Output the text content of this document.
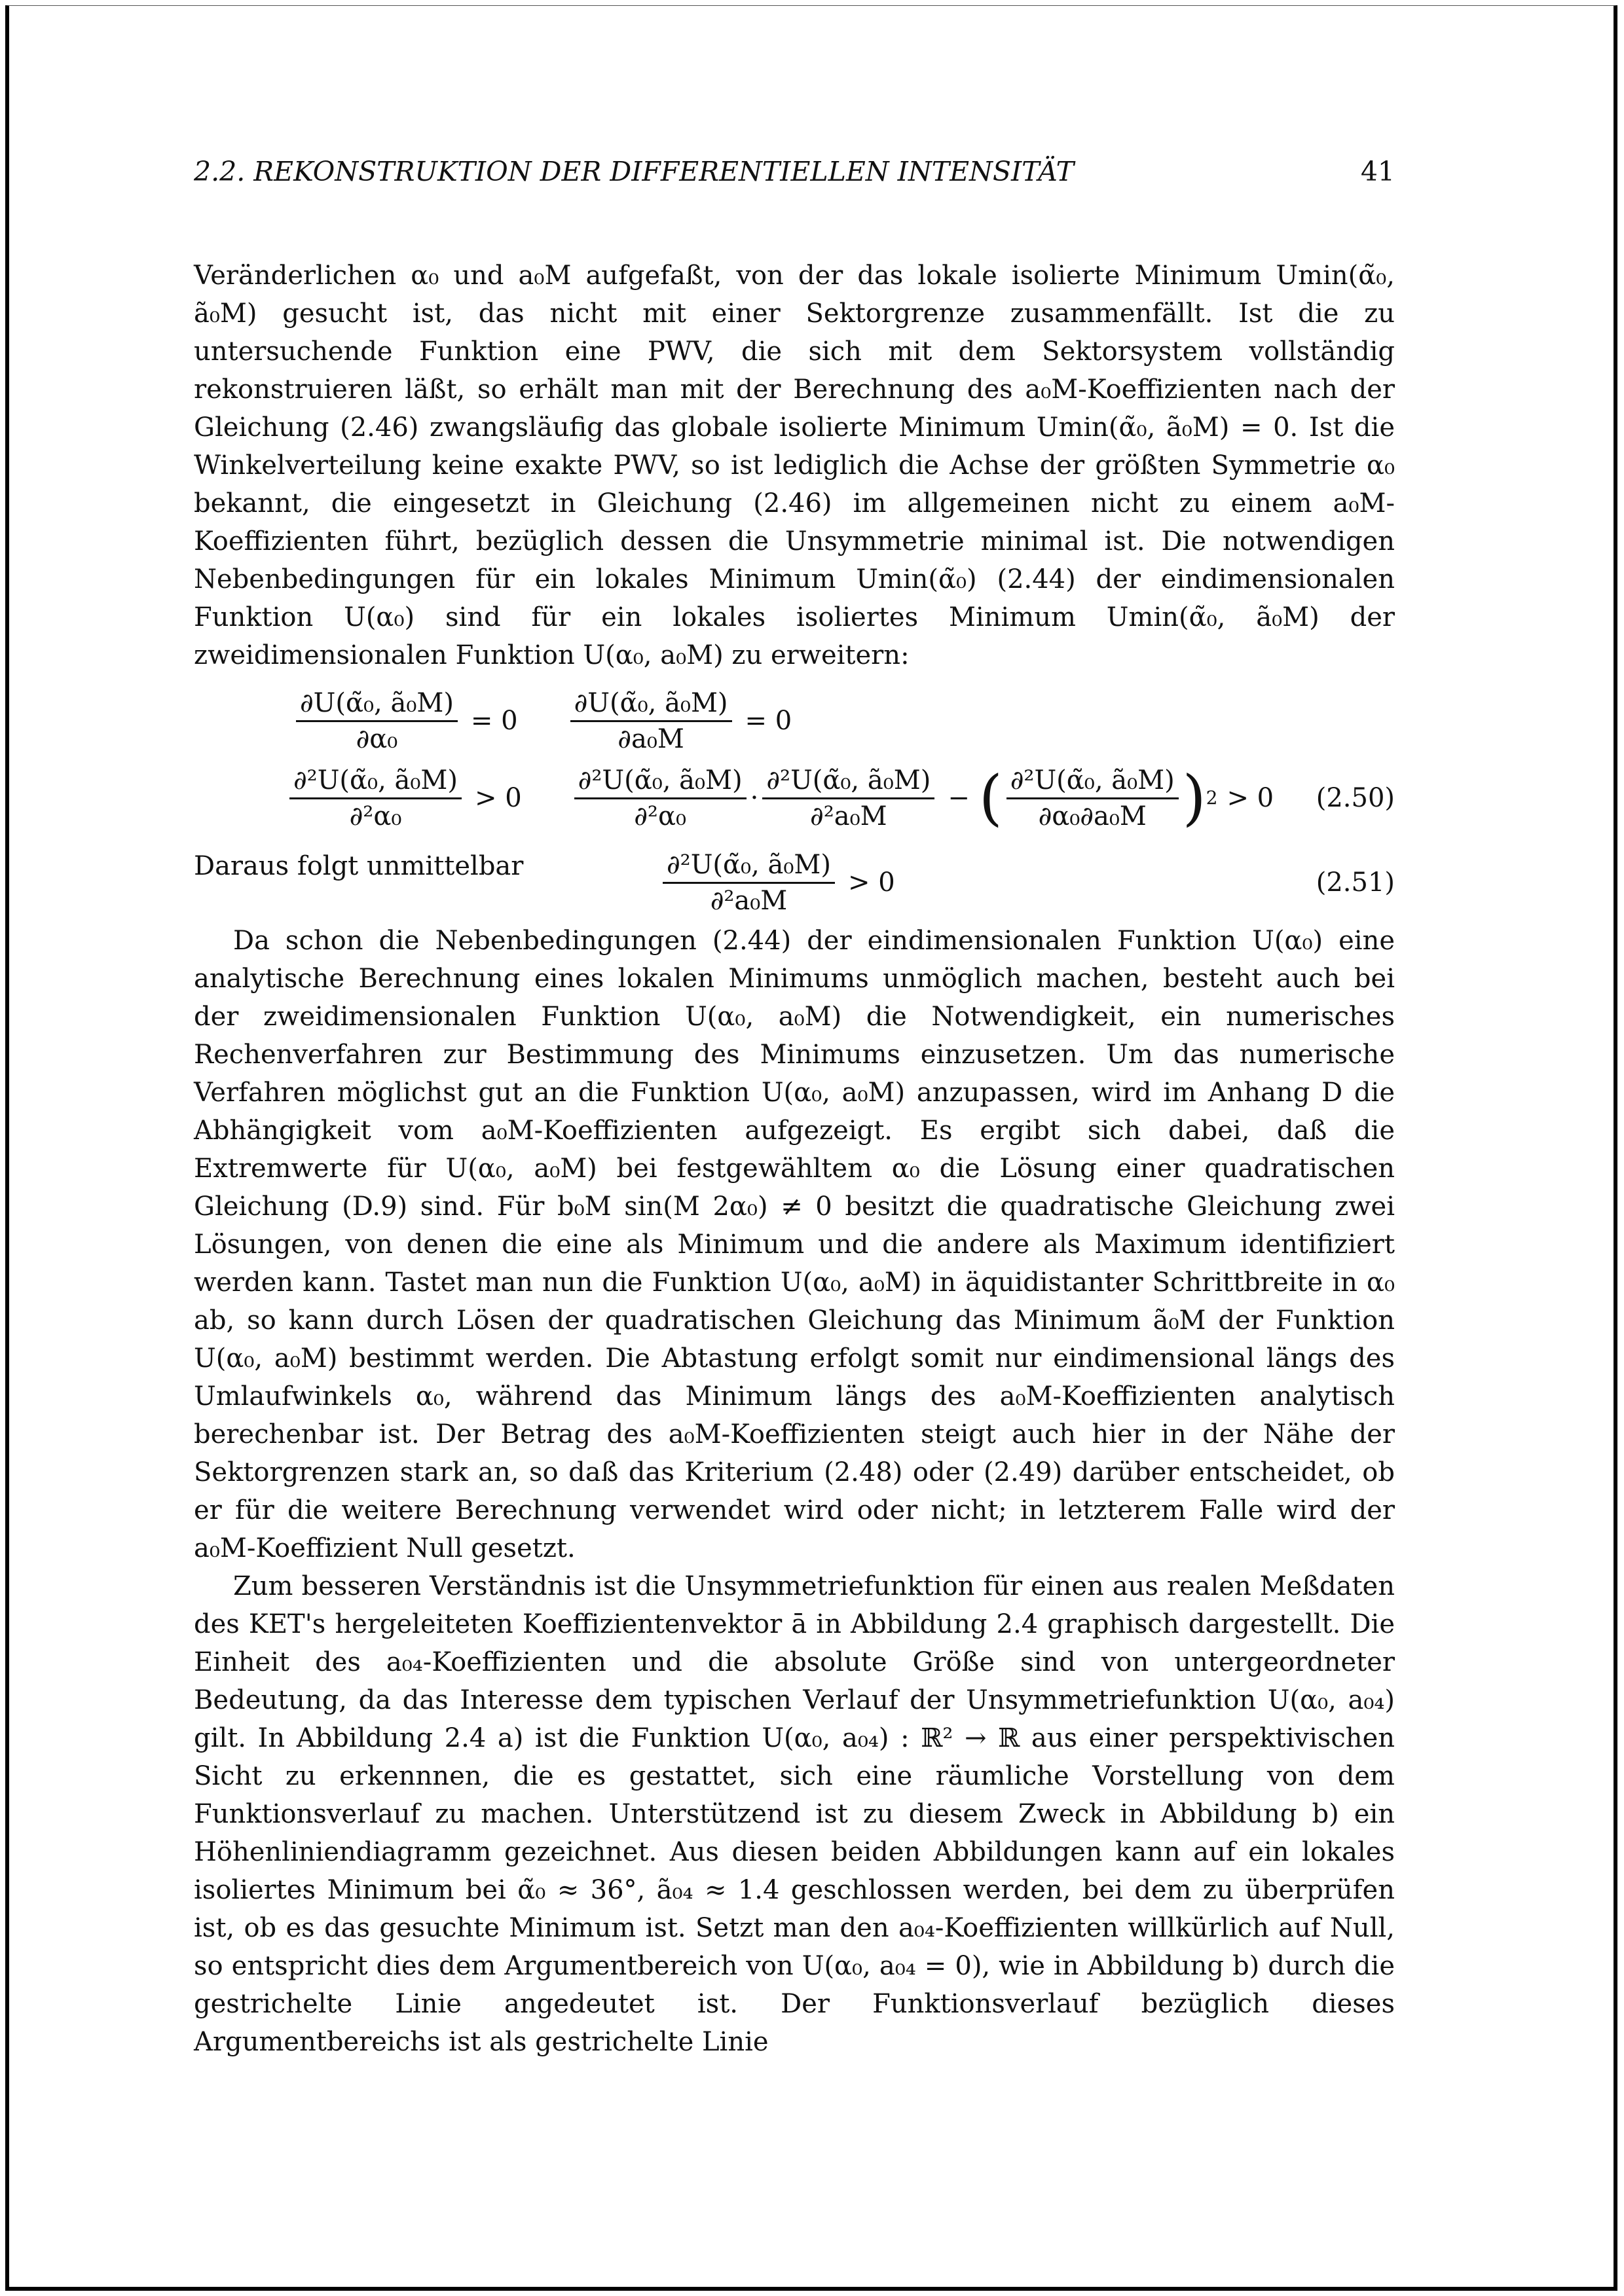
2.2. REKONSTRUKTION DER DIFFERENTIELLEN INTENSITÄT	41

Veränderlichen α₀ und a₀M aufgefaßt, von der das lokale isolierte Minimum Umin(α̃₀, ã₀M) gesucht ist, das nicht mit einer Sektorgrenze zusammenfällt. Ist die zu untersuchende Funktion eine PWV, die sich mit dem Sektorsystem vollständig rekonstruieren läßt, so erhält man mit der Berechnung des a₀M-Koeffizienten nach der Gleichung (2.46) zwangsläufig das globale isolierte Minimum Umin(α̃₀, ã₀M) = 0. Ist die Winkelverteilung keine exakte PWV, so ist lediglich die Achse der größten Symmetrie α₀ bekannt, die eingesetzt in Gleichung (2.46) im allgemeinen nicht zu einem a₀M-Koeffizienten führt, bezüglich dessen die Unsymmetrie minimal ist. Die notwendigen Nebenbedingungen für ein lokales Minimum Umin(α̃₀) (2.44) der eindimensionalen Funktion U(α₀) sind für ein lokales isoliertes Minimum Umin(α̃₀, ã₀M) der zweidimensionalen Funktion U(α₀, a₀M) zu erweitern:

$\frac{\text{∂U(α̃₀, ã₀M)}}{\text{∂α₀}} = 0 \frac{\text{∂U(α̃₀, ã₀M)}}{\text{∂a₀M}} = 0$
$\frac{\text{∂²U(α̃₀, ã₀M)}}{\text{∂²α₀}} > 0 \frac{\text{∂²U(α̃₀, ã₀M)}}{\text{∂²α₀}} \cdot \frac{\text{∂²U(α̃₀, ã₀M)}}{\text{∂²a₀M}}$ − ( $\frac{\text{∂²U(α̃₀, ã₀M)}}{\text{∂α₀∂a₀M}}$ ) 2 > 0 (2.50)
Daraus folgt unmittelbar	$\frac{\text{∂²U(α̃₀, ã₀M)}}{\text{∂²a₀M}} > 0$	(2.51)

Da schon die Nebenbedingungen (2.44) der eindimensionalen Funktion U(α₀) eine analytische Berechnung eines lokalen Minimums unmöglich machen, besteht auch bei der zweidimensionalen Funktion U(α₀, a₀M) die Notwendigkeit, ein numerisches Rechenverfahren zur Bestimmung des Minimums einzusetzen. Um das numerische Verfahren möglichst gut an die Funktion U(α₀, a₀M) anzupassen, wird im Anhang D die Abhängigkeit vom a₀M-Koeffizienten aufgezeigt. Es ergibt sich dabei, daß die Extremwerte für U(α₀, a₀M) bei festgewähltem α₀ die Lösung einer quadratischen Gleichung (D.9) sind. Für b₀M sin(M 2α₀) ≠ 0 besitzt die quadratische Gleichung zwei Lösungen, von denen die eine als Minimum und die andere als Maximum identifiziert werden kann. Tastet man nun die Funktion U(α₀, a₀M) in äquidistanter Schrittbreite in α₀ ab, so kann durch Lösen der quadratischen Gleichung das Minimum ã₀M der Funktion U(α₀, a₀M) bestimmt werden. Die Abtastung erfolgt somit nur eindimensional längs des Umlaufwinkels α₀, während das Minimum längs des a₀M-Koeffizienten analytisch berechenbar ist. Der Betrag des a₀M-Koeffizienten steigt auch hier in der Nähe der Sektorgrenzen stark an, so daß das Kriterium (2.48) oder (2.49) darüber entscheidet, ob er für die weitere Berechnung verwendet wird oder nicht; in letzterem Falle wird der a₀M-Koeffizient Null gesetzt.

Zum besseren Verständnis ist die Unsymmetriefunktion für einen aus realen Meßdaten des KET's hergeleiteten Koeffizientenvektor ā in Abbildung 2.4 graphisch dargestellt. Die Einheit des a₀₄-Koeffizienten und die absolute Größe sind von untergeordneter Bedeutung, da das Interesse dem typischen Verlauf der Unsymmetriefunktion U(α₀, a₀₄) gilt. In Abbildung 2.4 a) ist die Funktion U(α₀, a₀₄) : ℝ² → ℝ aus einer perspektivischen Sicht zu erkennnen, die es gestattet, sich eine räumliche Vorstellung von dem Funktionsverlauf zu machen. Unterstützend ist zu diesem Zweck in Abbildung b) ein Höhenliniendiagramm gezeichnet. Aus diesen beiden Abbildungen kann auf ein lokales isoliertes Minimum bei α̃₀ ≈ 36°, ã₀₄ ≈ 1.4 geschlossen werden, bei dem zu überprüfen ist, ob es das gesuchte Minimum ist. Setzt man den a₀₄-Koeffizienten willkürlich auf Null, so entspricht dies dem Argumentbereich von U(α₀, a₀₄ = 0), wie in Abbildung b) durch die gestrichelte Linie angedeutet ist. Der Funktionsverlauf bezüglich dieses Argumentbereichs ist als gestrichelte Linie
